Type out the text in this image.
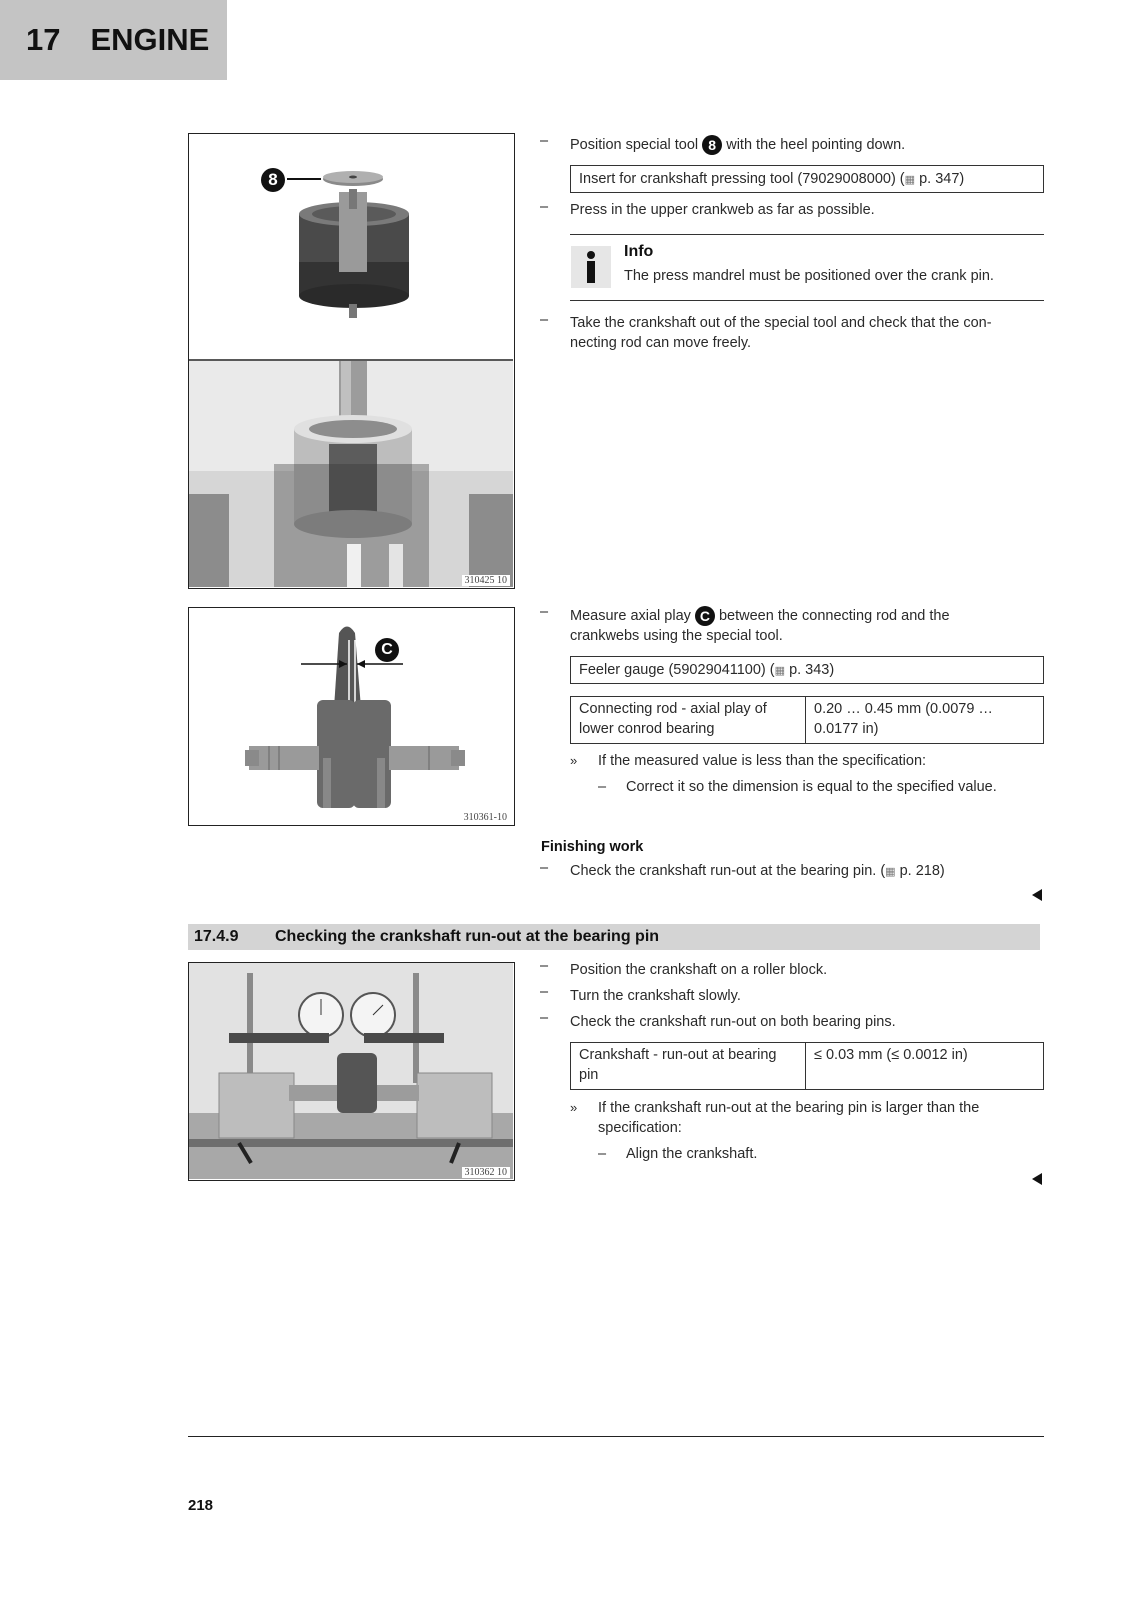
17 ENGINE
8
310425 10
–	Position special tool 8 with the heel pointing down.
Insert for crankshaft pressing tool (79029008000) (▦ p. 347)
–	Press in the upper crankweb as far as possible.
Info
The press mandrel must be positioned over the crank pin.
–	Take the crankshaft out of the special tool and check that the con-
necting rod can move freely.
C
310361-10
–	Measure axial play C between the connecting rod and the
crankwebs using the special tool.
Feeler gauge (59029041100) (▦ p. 343)
Connecting rod - axial play of
lower conrod bearing
0.20 … 0.45 mm (0.0079 …
0.0177 in)
» If the measured value is less than the specification:
– Correct it so the dimension is equal to the specified value.
Finishing work
–	Check the crankshaft run-out at the bearing pin. (▦ p. 218)
17.4.9 Checking the crankshaft run-out at the bearing pin
310362 10
–	Position the crankshaft on a roller block.
–	Turn the crankshaft slowly.
–	Check the crankshaft run-out on both bearing pins.
Crankshaft - run-out at bearing
pin
≤ 0.03 mm (≤ 0.0012 in)
» If the crankshaft run-out at the bearing pin is larger than the
specification:
– Align the crankshaft.
218
